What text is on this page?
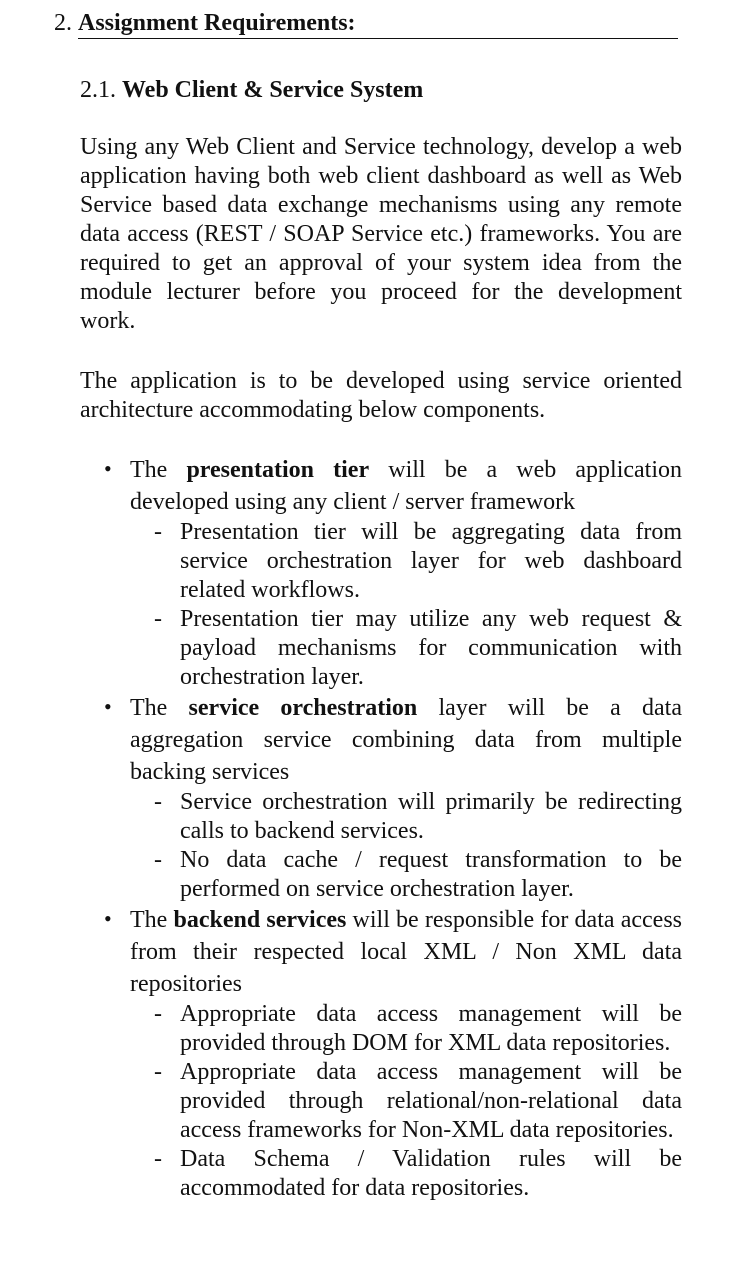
2. Assignment Requirements:
2.1. Web Client & Service System

Using any Web Client and Service technology, develop a web application having both web client dashboard as well as Web Service based data exchange mechanisms using any remote data access (REST / SOAP Service etc.) frameworks. You are required to get an approval of your system idea from the module lecturer before you proceed for the development work.

The application is to be developed using service oriented architecture accommodating below components.

• The presentation tier will be a web application developed using any client / server framework

- Presentation tier will be aggregating data from service orchestration layer for web dashboard related workflows.
- Presentation tier may utilize any web request & payload mechanisms for communication with orchestration layer.
• The service orchestration layer will be a data aggregation service combining data from multiple backing services

- Service orchestration will primarily be redirecting calls to backend services.
- No data cache / request transformation to be performed on service orchestration layer.
• The backend services will be responsible for data access from their respected local XML / Non XML data repositories

- Appropriate data access management will be provided through DOM for XML data repositories.
- Appropriate data access management will be provided through relational/non-relational data access frameworks for Non-XML data repositories.
- Data Schema / Validation rules will be accommodated for data repositories.
